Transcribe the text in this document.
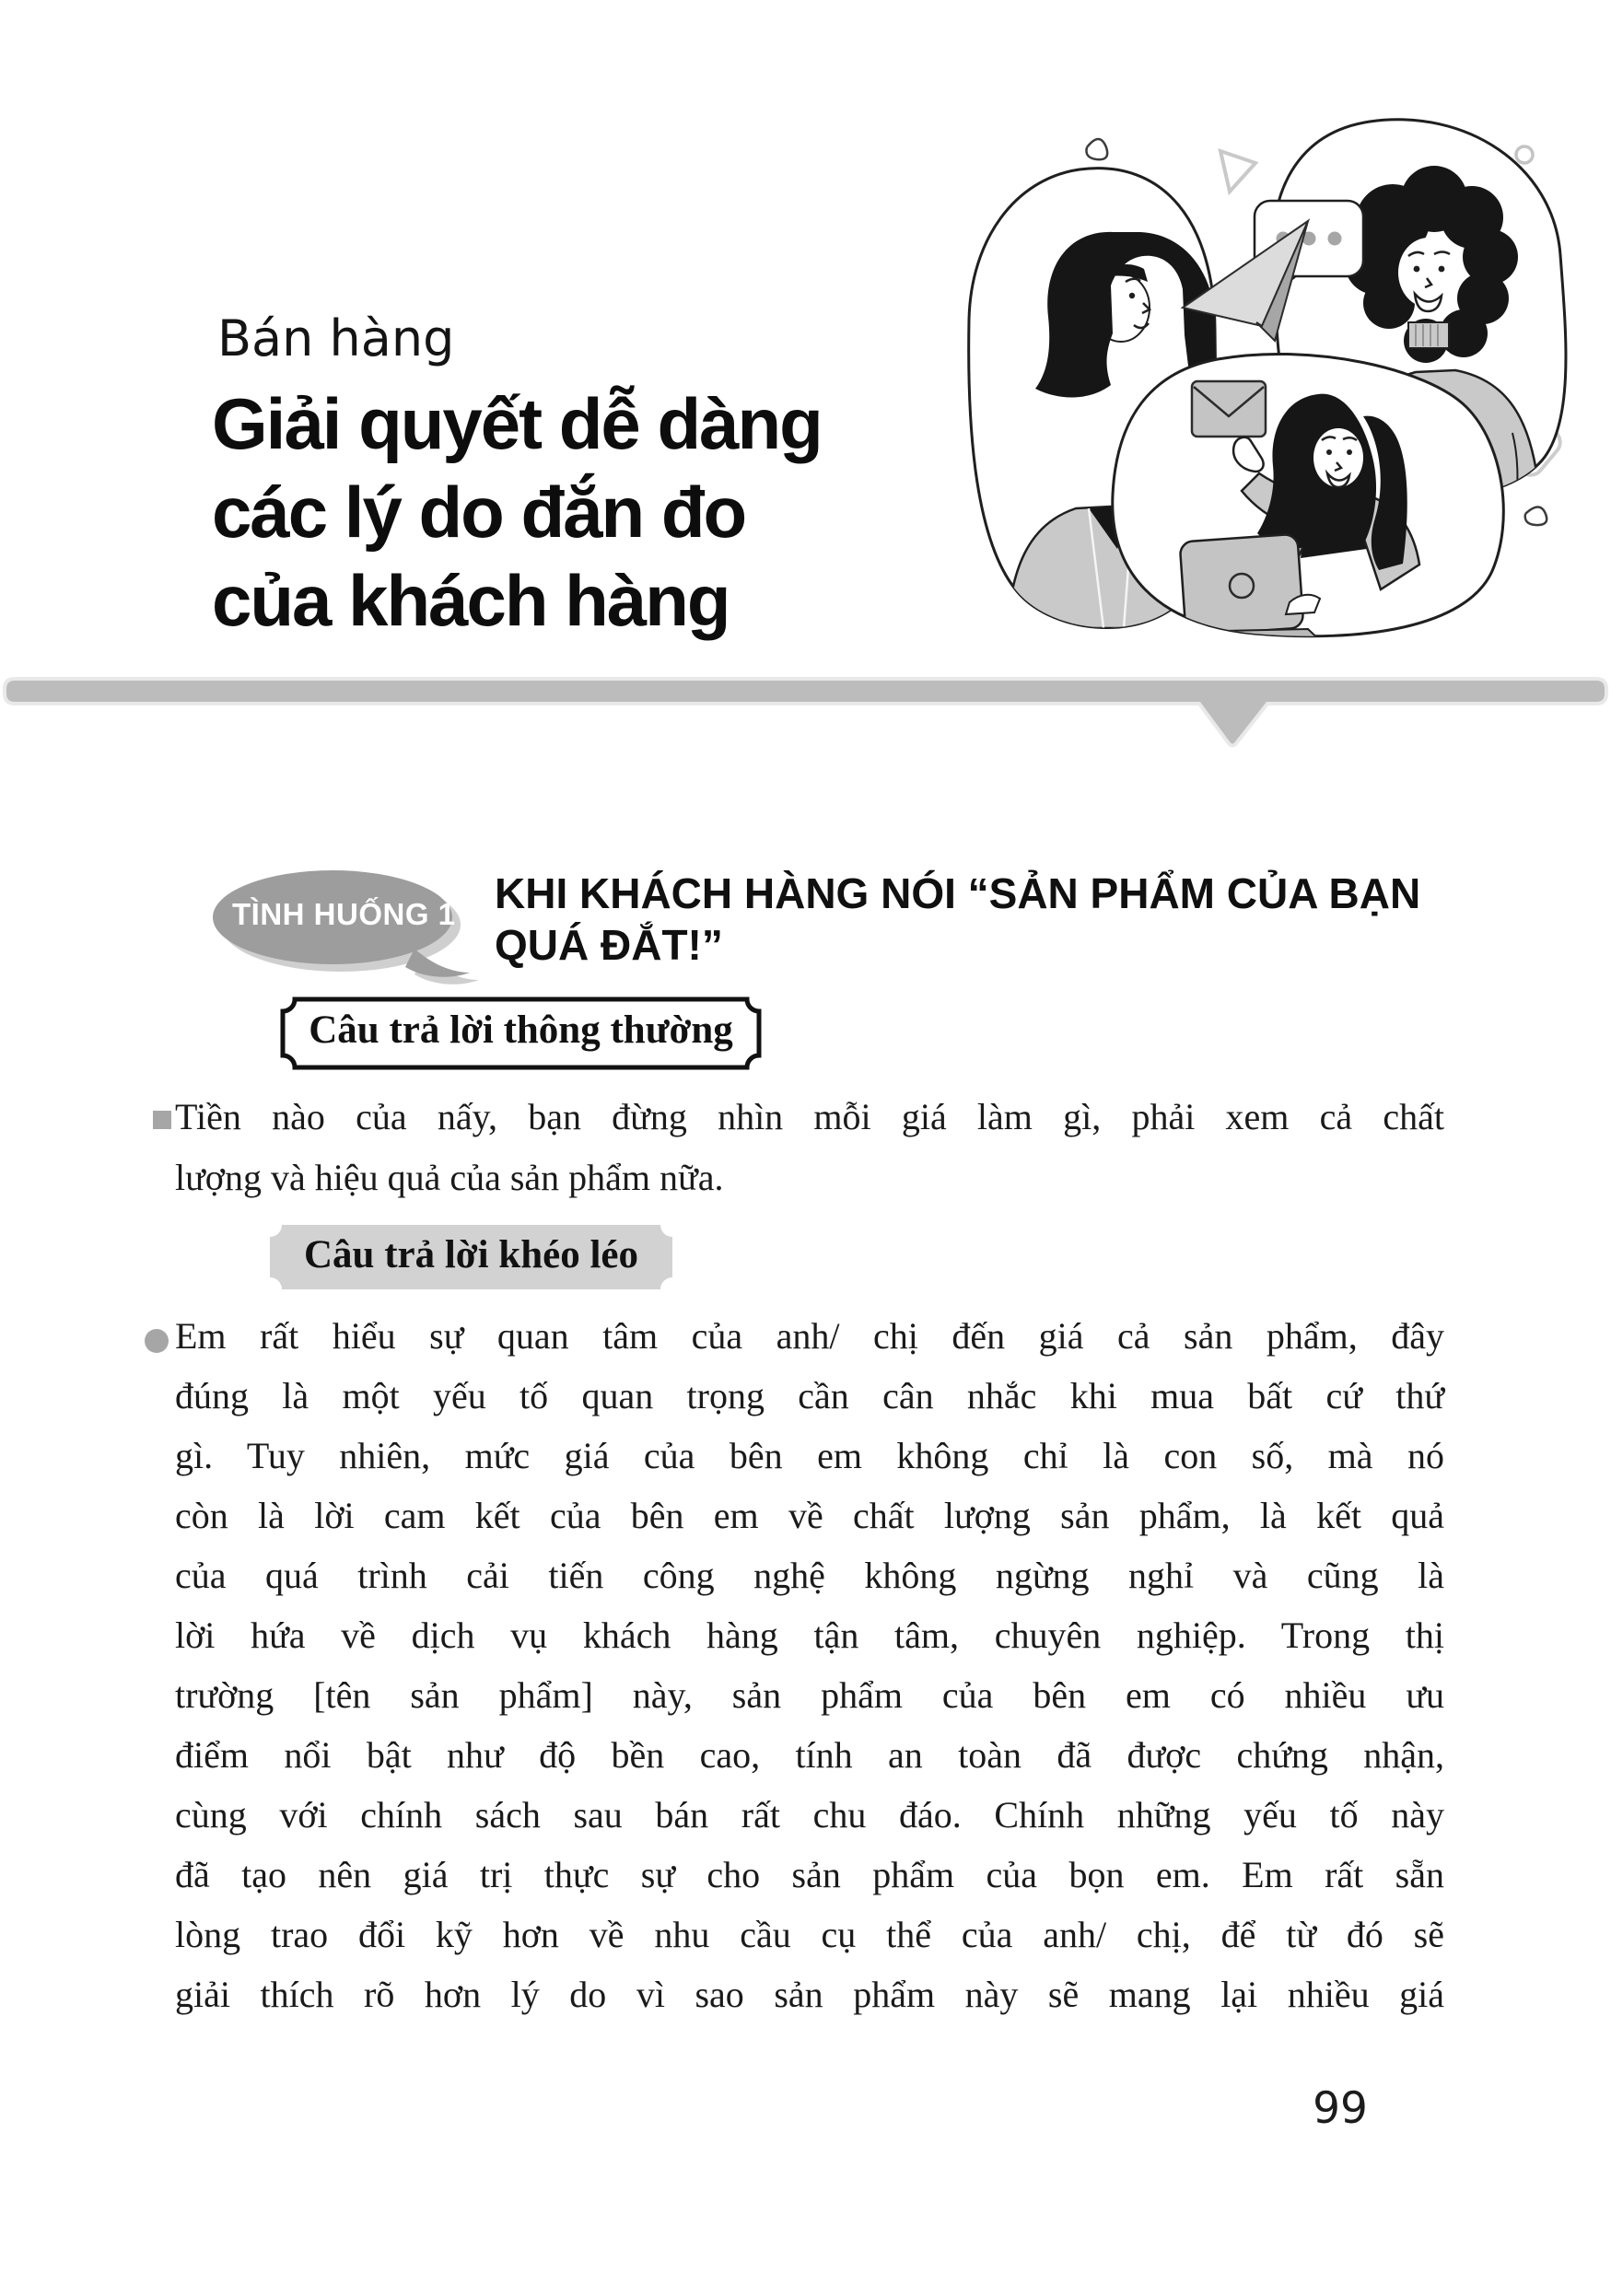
Bán hàng
Giải quyết dễ dàng
các lý do đắn đo
của khách hàng
TÌNH HUỐNG 1 KHI KHÁCH HÀNG NÓI “SẢN PHẨM CỦA BẠN
QUÁ ĐẮT!”
Câu trả lời thông thường
Tiền nào của nấy, bạn đừng nhìn mỗi giá làm gì, phải xem cả chất
lượng và hiệu quả của sản phẩm nữa.
Câu trả lời khéo léo
Em rất hiểu sự quan tâm của anh/ chị đến giá cả sản phẩm, đây
đúng là một yếu tố quan trọng cần cân nhắc khi mua bất cứ thứ
gì. Tuy nhiên, mức giá của bên em không chỉ là con số, mà nó
còn là lời cam kết của bên em về chất lượng sản phẩm, là kết quả
của quá trình cải tiến công nghệ không ngừng nghỉ và cũng là
lời hứa về dịch vụ khách hàng tận tâm, chuyên nghiệp. Trong thị
trường [tên sản phẩm] này, sản phẩm của bên em có nhiều ưu
điểm nổi bật như độ bền cao, tính an toàn đã được chứng nhận,
cùng với chính sách sau bán rất chu đáo. Chính những yếu tố này
đã tạo nên giá trị thực sự cho sản phẩm của bọn em. Em rất sẵn
lòng trao đổi kỹ hơn về nhu cầu cụ thể của anh/ chị, để từ đó sẽ
giải thích rõ hơn lý do vì sao sản phẩm này sẽ mang lại nhiều giá
99
